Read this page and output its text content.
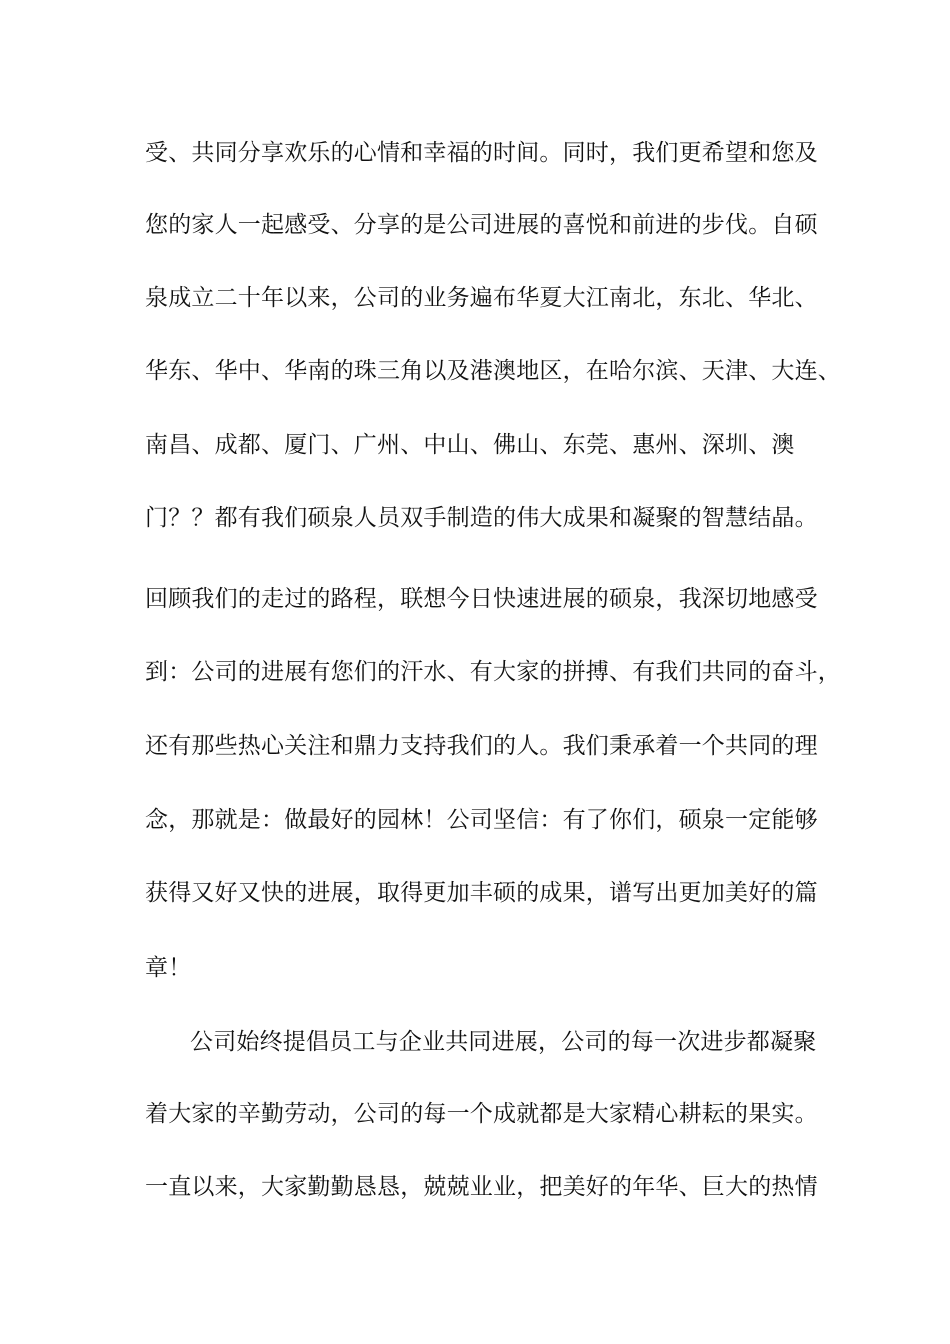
受、共同分享欢乐的心情和幸福的时间。同时，我们更希望和您及
您的家人一起感受、分享的是公司进展的喜悦和前进的步伐。自硕
泉成立二十年以来，公司的业务遍布华夏大江南北，东北、华北、
华东、华中、华南的珠三角以及港澳地区，在哈尔滨、天津、大连、
南昌、成都、厦门、广州、中山、佛山、东莞、惠州、深圳、澳
门？？都有我们硕泉人员双手制造的伟大成果和凝聚的智慧结晶。
回顾我们的走过的路程，联想今日快速进展的硕泉，我深切地感受
到：公司的进展有您们的汗水、有大家的拼搏、有我们共同的奋斗，
还有那些热心关注和鼎力支持我们的人。我们秉承着一个共同的理
念，那就是：做最好的园林！公司坚信：有了你们，硕泉一定能够
获得又好又快的进展，取得更加丰硕的成果，谱写出更加美好的篇
章！
公司始终提倡员工与企业共同进展，公司的每一次进步都凝聚
着大家的辛勤劳动，公司的每一个成就都是大家精心耕耘的果实。
一直以来，大家勤勤恳恳，兢兢业业，把美好的年华、巨大的热情
